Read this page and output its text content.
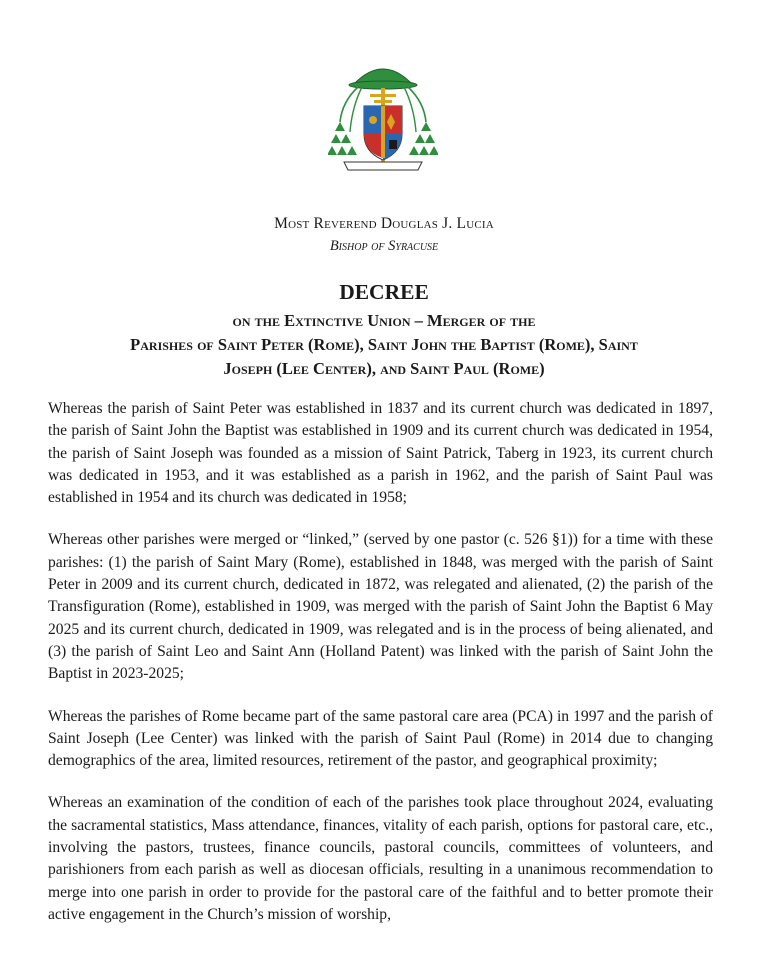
Most Reverend Douglas J. Lucia

Bishop of Syracuse

DECREE

on the Extinctive Union – Merger of the
Parishes of Saint Peter (Rome), Saint John the Baptist (Rome), Saint
Joseph (Lee Center), and Saint Paul (Rome)

Whereas the parish of Saint Peter was established in 1837 and its current church was dedicated in 1897, the parish of Saint John the Baptist was established in 1909 and its current church was dedicated in 1954, the parish of Saint Joseph was founded as a mission of Saint Patrick, Taberg in 1923, its current church was dedicated in 1953, and it was established as a parish in 1962, and the parish of Saint Paul was established in 1954 and its church was dedicated in 1958;

Whereas other parishes were merged or “linked,” (served by one pastor (c. 526 §1)) for a time with these parishes: (1) the parish of Saint Mary (Rome), established in 1848, was merged with the parish of Saint Peter in 2009 and its current church, dedicated in 1872, was relegated and alienated, (2) the parish of the Transfiguration (Rome), established in 1909, was merged with the parish of Saint John the Baptist 6 May 2025 and its current church, dedicated in 1909, was relegated and is in the process of being alienated, and (3) the parish of Saint Leo and Saint Ann (Holland Patent) was linked with the parish of Saint John the Baptist in 2023-2025;

Whereas the parishes of Rome became part of the same pastoral care area (PCA) in 1997 and the parish of Saint Joseph (Lee Center) was linked with the parish of Saint Paul (Rome) in 2014 due to changing demographics of the area, limited resources, retirement of the pastor, and geographical proximity;

Whereas an examination of the condition of each of the parishes took place throughout 2024, evaluating the sacramental statistics, Mass attendance, finances, vitality of each parish, options for pastoral care, etc., involving the pastors, trustees, finance councils, pastoral councils, committees of volunteers, and parishioners from each parish as well as diocesan officials, resulting in a unanimous recommendation to merge into one parish in order to provide for the pastoral care of the faithful and to better promote their active engagement in the Church’s mission of worship,
